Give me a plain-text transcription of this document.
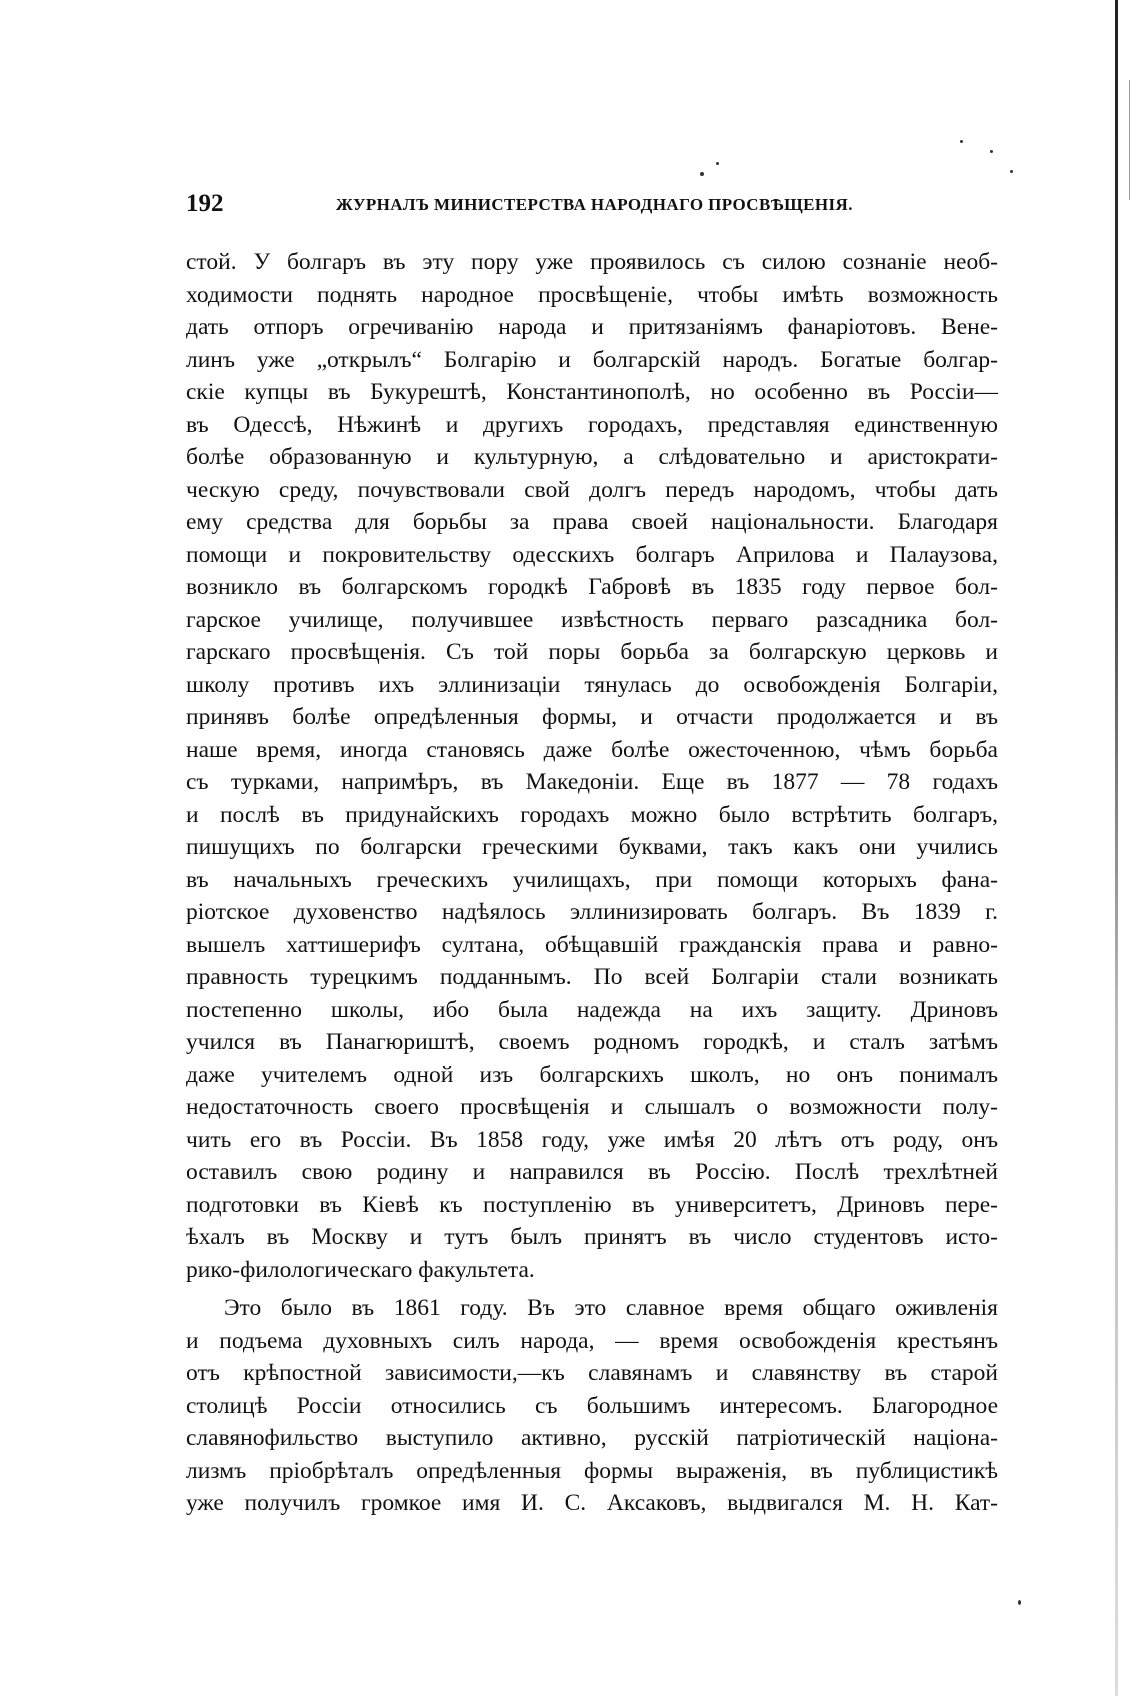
192	ЖУРНАЛЪ МИНИСТЕРСТВА НАРОДНАГО ПРОСВѢЩЕНІЯ.
стой. У болгаръ въ эту пору уже проявилось съ силою сознаніе необ-
ходимости поднять народное просвѣщеніе, чтобы имѣть возможность
дать отпоръ огречиванію народа и притязаніямъ фанаріотовъ. Вене-
линъ уже „открылъ“ Болгарію и болгарскій народъ. Богатые болгар-
скіе купцы въ Букурештѣ, Константинополѣ, но особенно въ Россіи—
въ Одессѣ, Нѣжинѣ и другихъ городахъ, представляя единственную
болѣе образованную и культурную, а слѣдовательно и аристократи-
ческую среду, почувствовали свой долгъ передъ народомъ, чтобы дать
ему средства для борьбы за права своей національности. Благодаря
помощи и покровительству одесскихъ болгаръ Априлова и Палаузова,
возникло въ болгарскомъ городкѣ Габровѣ въ 1835 году первое бол-
гарское училище, получившее извѣстность перваго разсадника бол-
гарскаго просвѣщенія. Съ той поры борьба за болгарскую церковь и
школу противъ ихъ эллинизаціи тянулась до освобожденія Болгаріи,
принявъ болѣе опредѣленныя формы, и отчасти продолжается и въ
наше время, иногда становясь даже болѣе ожесточенною, чѣмъ борьба
съ турками, напримѣръ, въ Македоніи. Еще въ 1877 — 78 годахъ
и послѣ въ придунайскихъ городахъ можно было встрѣтить болгаръ,
пишущихъ по болгарски греческими буквами, такъ какъ они учились
въ начальныхъ греческихъ училищахъ, при помощи которыхъ фана-
ріотское духовенство надѣялось эллинизировать болгаръ. Въ 1839 г.
вышелъ хаттишерифъ султана, обѣщавшій гражданскія права и равно-
правность турецкимъ подданнымъ. По всей Болгаріи стали возникать
постепенно школы, ибо была надежда на ихъ защиту. Дриновъ
учился въ Панагюриштѣ, своемъ родномъ городкѣ, и сталъ затѣмъ
даже учителемъ одной изъ болгарскихъ школъ, но онъ понималъ
недостаточность своего просвѣщенія и слышалъ о возможности полу-
чить его въ Россіи. Въ 1858 году, уже имѣя 20 лѣтъ отъ роду, онъ
оставилъ свою родину и направился въ Россію. Послѣ трехлѣтней
подготовки въ Кіевѣ къ поступленію въ университетъ, Дриновъ пере-
ѣхалъ въ Москву и тутъ былъ принятъ въ число студентовъ исто-
рико-филологическаго факультета.
Это было въ 1861 году. Въ это славное время общаго оживленія
и подъема духовныхъ силъ народа, — время освобожденія крестьянъ
отъ крѣпостной зависимости,—къ славянамъ и славянству въ старой
столицѣ Россіи относились съ большимъ интересомъ. Благородное
славянофильство выступило активно, русскій патріотическій націона-
лизмъ пріобрѣталъ опредѣленныя формы выраженія, въ публицистикѣ
уже получилъ громкое имя И. С. Аксаковъ, выдвигался М. Н. Кат-
